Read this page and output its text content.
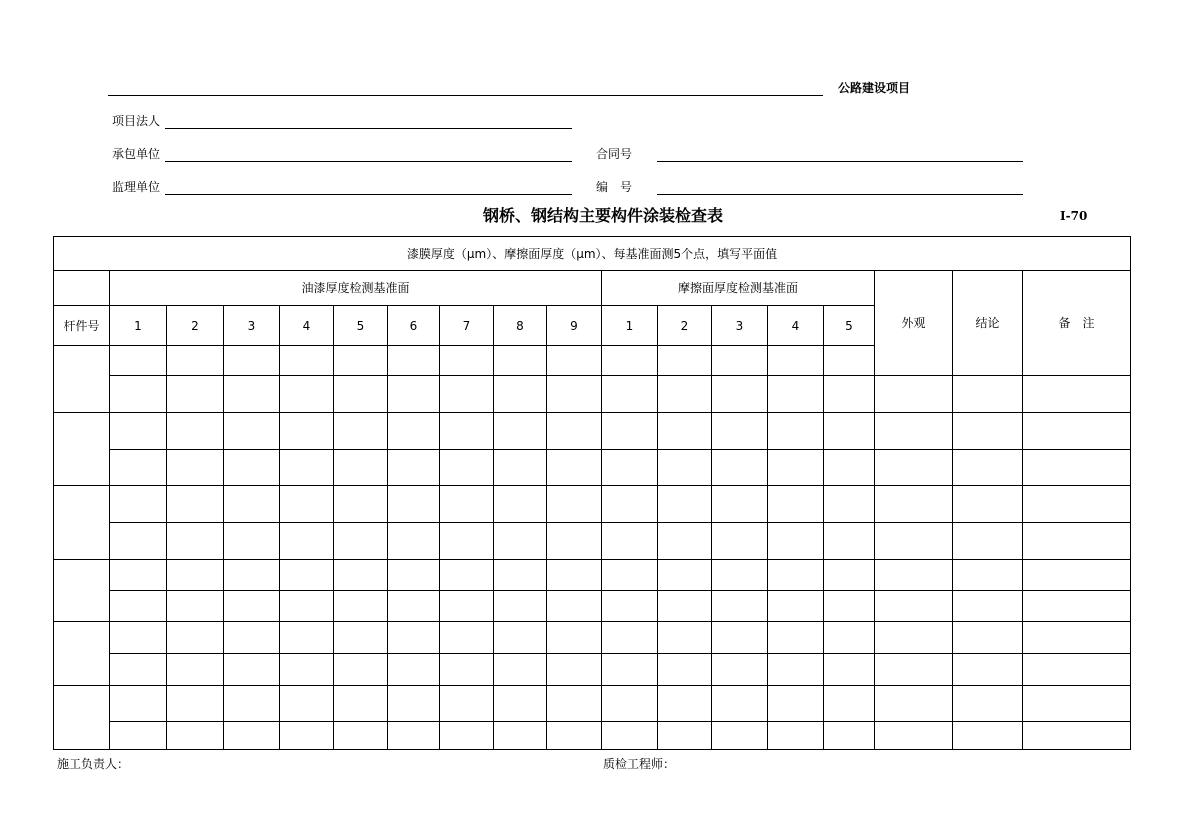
公路建设项目
项目法人
承包单位	合同号
监理单位	编　号
钢桥、钢结构主要构件涂装检查表	I-70
漆膜厚度（μm）、摩擦面厚度（μm）、每基准面测5个点，填写平面值																	
	油漆厚度检测基准面									摩擦面厚度检测基准面					外观	结论	备　注
杆件号	1	2	3	4	5	6	7	8	9	1	2	3	4	5			

施工负责人：	质检工程师：
